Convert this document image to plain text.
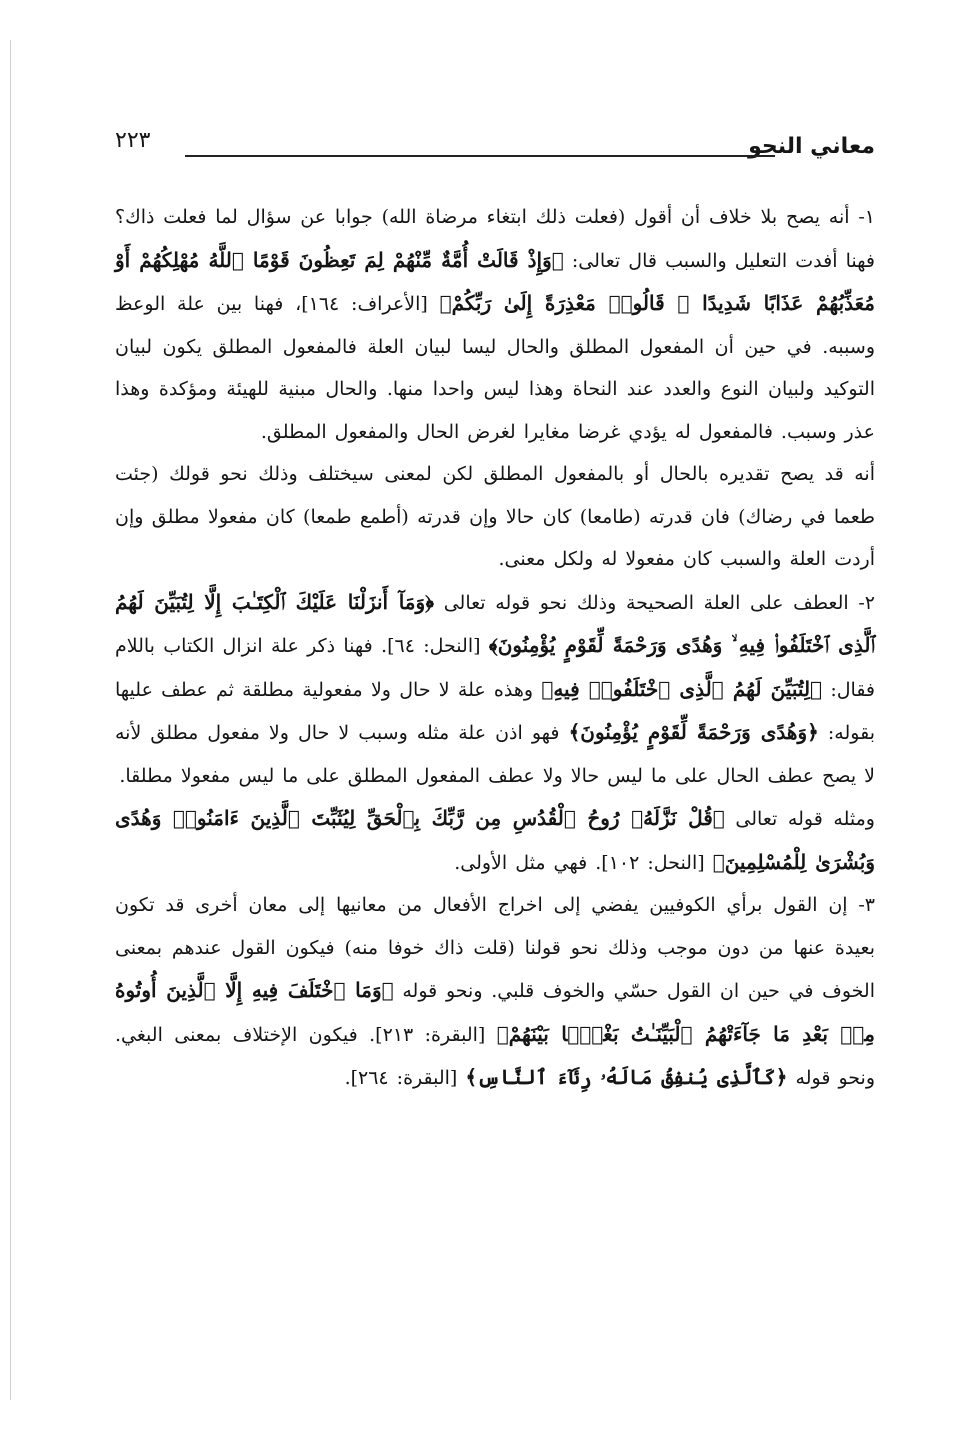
معاني النحو
٢٢٣

١- أنه يصح بلا خلاف أن أقول (فعلت ذلك ابتغاء مرضاة الله) جوابا عن سؤال لما فعلت ذاك؟ فهنا أفدت التعليل والسبب قال تعالى: ﴿وَإِذْ قَالَتْ أُمَّةٌ مِّنْهُمْ لِمَ تَعِظُونَ قَوْمًا ٱللَّهُ مُهْلِكُهُمْ أَوْ مُعَذِّبُهُمْ عَذَابًا شَدِيدًا ۖ قَالُوا۟ مَعْذِرَةً إِلَىٰ رَبِّكُمْ﴾ [الأعراف: ١٦٤]، فهنا بين علة الوعظ وسببه. في حين أن المفعول المطلق والحال ليسا لبيان العلة فالمفعول المطلق يكون لبيان التوكيد ولبيان النوع والعدد عند النحاة وهذا ليس واحدا منها. والحال مبنية للهيئة ومؤكدة وهذا عذر وسبب. فالمفعول له يؤدي غرضا مغايرا لغرض الحال والمفعول المطلق.

أنه قد يصح تقديره بالحال أو بالمفعول المطلق لكن لمعنى سيختلف وذلك نحو قولك (جئت طعما في رضاك) فان قدرته (طامعا) كان حالا وإن قدرته (أطمع طمعا) كان مفعولا مطلق وإن أردت العلة والسبب كان مفعولا له ولكل معنى.

٢- العطف على العلة الصحيحة وذلك نحو قوله تعالى ﴿وَمَآ أَنزَلْنَا عَلَيْكَ ٱلْكِتَـٰبَ إِلَّا لِتُبَيِّنَ لَهُمُ ٱلَّذِى ٱخْتَلَفُوا۟ فِيهِ ۙ وَهُدًى وَرَحْمَةً لِّقَوْمٍ يُؤْمِنُونَ﴾ [النحل: ٦٤]. فهنا ذكر علة انزال الكتاب باللام فقال: ﴿لِتُبَيِّنَ لَهُمُ ٱلَّذِى ٱخْتَلَفُوا۟ فِيهِ﴾ وهذه علة لا حال ولا مفعولية مطلقة ثم عطف عليها بقوله: ﴿وَهُدًى وَرَحْمَةً لِّقَوْمٍ يُؤْمِنُونَ﴾ فهو اذن علة مثله وسبب لا حال ولا مفعول مطلق لأنه لا يصح عطف الحال على ما ليس حالا ولا عطف المفعول المطلق على ما ليس مفعولا مطلقا.

ومثله قوله تعالى ﴿قُلْ نَزَّلَهُۥ رُوحُ ٱلْقُدُسِ مِن رَّبِّكَ بِٱلْحَقِّ لِيُثَبِّتَ ٱلَّذِينَ ءَامَنُوا۟ وَهُدًى وَبُشْرَىٰ لِلْمُسْلِمِينَ﴾ [النحل: ١٠٢]. فهي مثل الأولى.

٣- إن القول برأي الكوفيين يفضي إلى اخراج الأفعال من معانيها إلى معان أخرى قد تكون بعيدة عنها من دون موجب وذلك نحو قولنا (قلت ذاك خوفا منه) فيكون القول عندهم بمعنى الخوف في حين ان القول حسّي والخوف قلبي. ونحو قوله ﴿وَمَا ٱخْتَلَفَ فِيهِ إِلَّا ٱلَّذِينَ أُوتُوهُ مِنۢ بَعْدِ مَا جَآءَتْهُمُ ٱلْبَيِّنَـٰتُ بَغْيًۢا بَيْنَهُمْ﴾ [البقرة: ٢١٣]. فيكون الإختلاف بمعنى البغي. ونحو قوله ﴿كَٱلَّذِى يُنفِقُ مَالَهُۥ رِئَآءَ ٱلنَّاسِ﴾ [البقرة: ٢٦٤].
